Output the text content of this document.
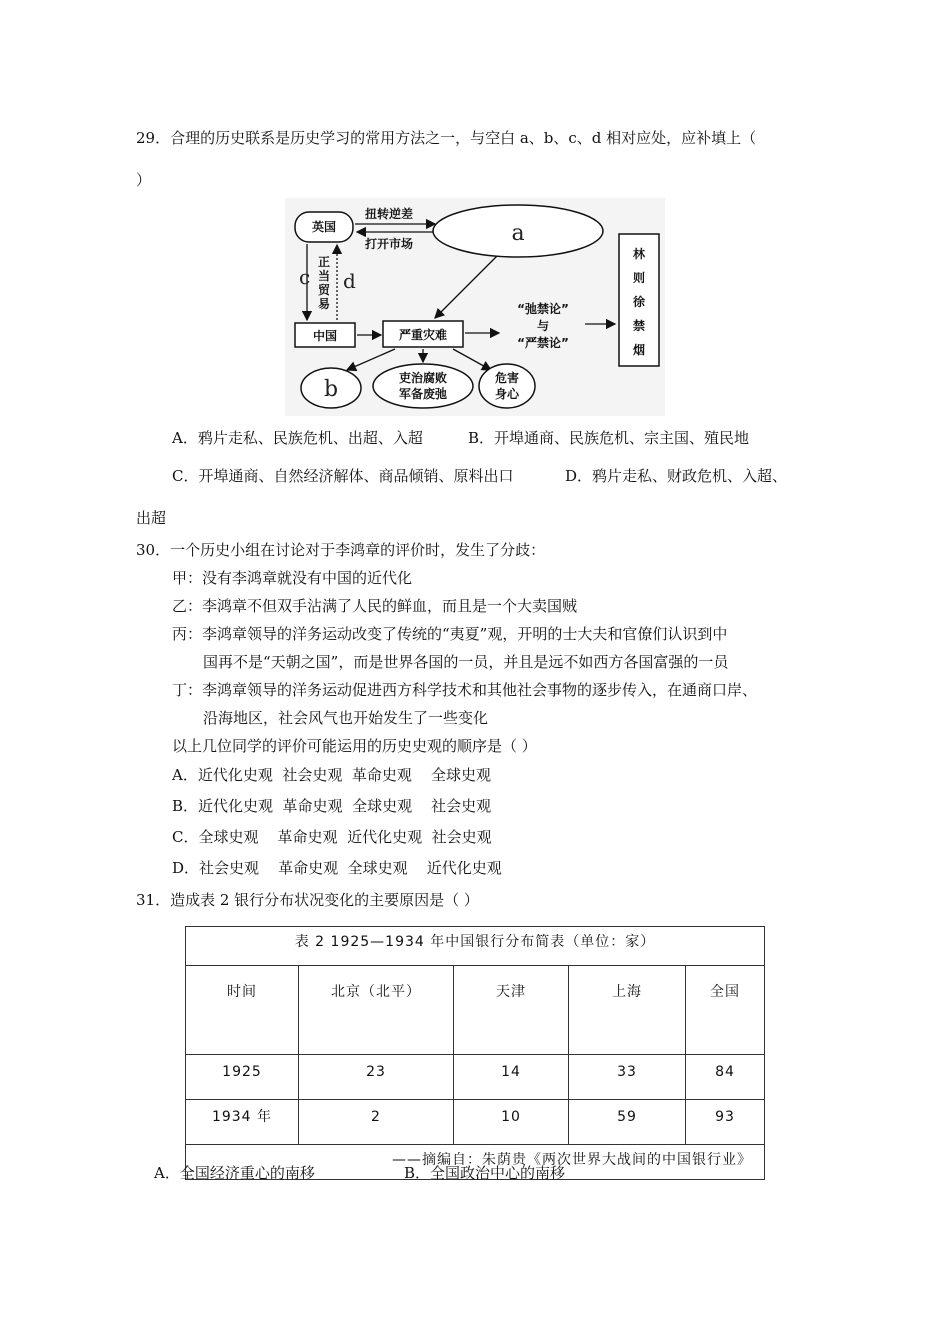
29．合理的历史联系是历史学习的常用方法之一，与空白 a、b、c、d 相对应处，应补填上（
）
英国
扭转逆差
打开市场	a
c d
正
当
贸
易
中国	严重灾难
“弛禁论”
与
“严禁论”
林
则
徐
禁
烟
b	吏治腐败
军备废弛
危害
身心
A．鸦片走私、民族危机、出超、入超	B．开埠通商、民族危机、宗主国、殖民地
C．开埠通商、自然经济解体、商品倾销、原料出口	D．鸦片走私、财政危机、入超、
出超
30．一个历史小组在讨论对于李鸿章的评价时，发生了分歧：
甲：没有李鸿章就没有中国的近代化
乙：李鸿章不但双手沾满了人民的鲜血，而且是一个大卖国贼
丙：李鸿章领导的洋务运动改变了传统的“夷夏”观，开明的士大夫和官僚们认识到中
国再不是“天朝之国”，而是世界各国的一员，并且是远不如西方各国富强的一员
丁：李鸿章领导的洋务运动促进西方科学技术和其他社会事物的逐步传入，在通商口岸、
沿海地区，社会风气也开始发生了一些变化
以上几位同学的评价可能运用的历史史观的顺序是（ ）
A．近代化史观  社会史观  革命史观    全球史观
B．近代化史观  革命史观  全球史观    社会史观
C．全球史观    革命史观  近代化史观  社会史观
D．社会史观    革命史观  全球史观    近代化史观
31．造成表 2 银行分布状况变化的主要原因是（ ）
表 2 1925—1934 年中国银行分布简表（单位：家）				
时间	北京（北平）	天津	上海	全国
1925	23	14	33	84
1934 年	2	10	59	93
——摘编自：朱荫贵《两次世界大战间的中国银行业》				
A．全国经济重心的南移	B．全国政治中心的南移
